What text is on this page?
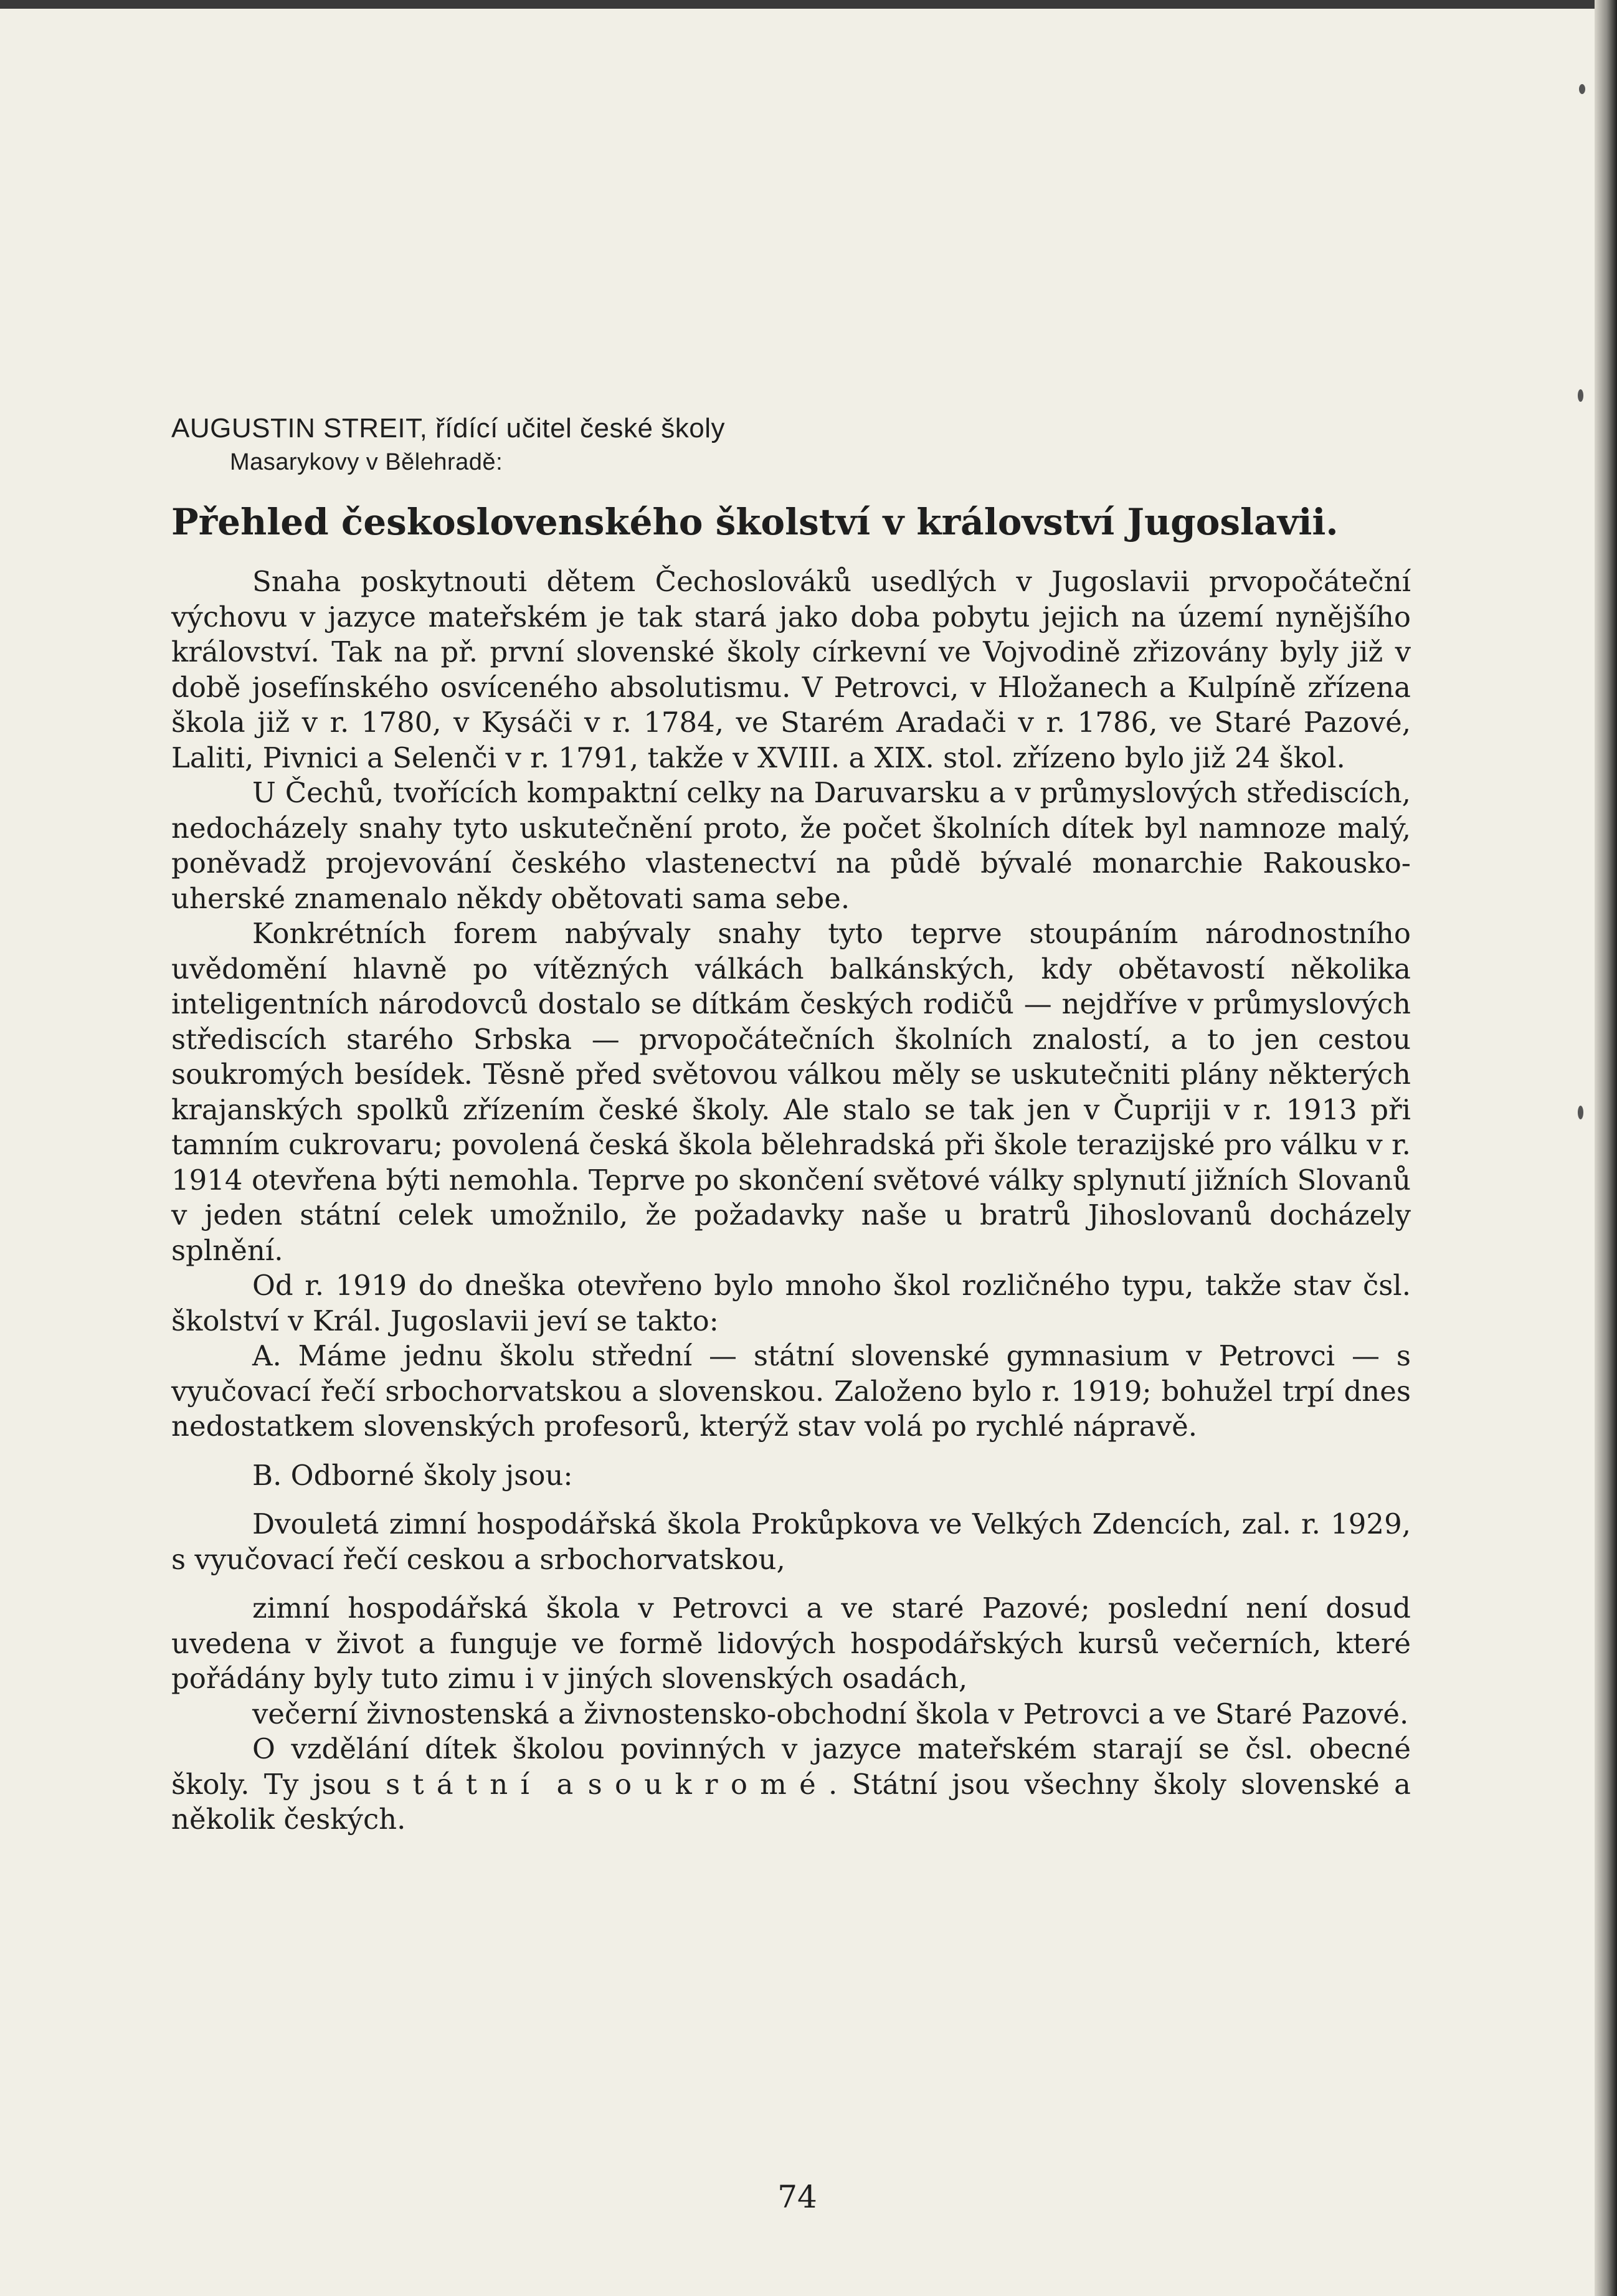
AUGUSTIN STREIT, řídící učitel české školy

Masarykovy v Bělehradě:

Přehled československého školství v království Jugoslavii.

Snaha poskytnouti dětem Čechoslováků usedlých v Jugoslavii prvopočáteční výchovu v jazyce mateřském je tak stará jako doba pobytu jejich na území nynějšího království. Tak na př. první slovenské školy církevní ve Vojvodině zřizovány byly již v době josefínského osvíceného absolutismu. V Petrovci, v Hložanech a Kulpíně zřízena škola již v r. 1780, v Kysáči v r. 1784, ve Starém Aradači v r. 1786, ve Staré Pazové, Laliti, Pivnici a Selenči v r. 1791, takže v XVIII. a XIX. stol. zřízeno bylo již 24 škol.

U Čechů, tvořících kompaktní celky na Daruvarsku a v průmyslových střediscích, nedocházely snahy tyto uskutečnění proto, že počet školních dítek byl namnoze malý, poněvadž projevování českého vlastenectví na půdě bývalé monarchie Rakousko-uherské znamenalo někdy obětovati sama sebe.

Konkrétních forem nabývaly snahy tyto teprve stoupáním národnostního uvědomění hlavně po vítězných válkách balkánských, kdy obětavostí několika inteligentních národovců dostalo se dítkám českých rodičů — nejdříve v průmyslových střediscích starého Srbska — prvopočátečních školních znalostí, a to jen cestou soukromých besídek. Těsně před světovou válkou měly se uskutečniti plány některých krajanských spolků zřízením české školy. Ale stalo se tak jen v Čupriji v r. 1913 při tamním cukrovaru; povolená česká škola bělehradská při škole terazijské pro válku v r. 1914 otevřena býti nemohla. Teprve po skončení světové války splynutí jižních Slovanů v jeden státní celek umožnilo, že požadavky naše u bratrů Jihoslovanů docházely splnění.

Od r. 1919 do dneška otevřeno bylo mnoho škol rozličného typu, takže stav čsl. školství v Král. Jugoslavii jeví se takto:

A. Máme jednu školu střední — státní slovenské gymnasium v Petrovci — s vyučovací řečí srbochorvatskou a slovenskou. Založeno bylo r. 1919; bohužel trpí dnes nedostatkem slovenských profesorů, kterýž stav volá po rychlé nápravě.

B. Odborné školy jsou:

Dvouletá zimní hospodářská škola Prokůpkova ve Velkých Zdencích, zal. r. 1929, s vyučovací řečí ceskou a srbochorvatskou,

zimní hospodářská škola v Petrovci a ve staré Pazové; poslední není dosud uvedena v život a funguje ve formě lidových hospodářských kursů večerních, které pořádány byly tuto zimu i v jiných slovenských osadách,

večerní živnostenská a živnostensko-obchodní škola v Petrovci a ve Staré Pazové.

O vzdělání dítek školou povinných v jazyce mateřském starají se čsl. obecné školy. Ty jsou státní a soukromé. Státní jsou všechny školy slovenské a několik českých.

74
